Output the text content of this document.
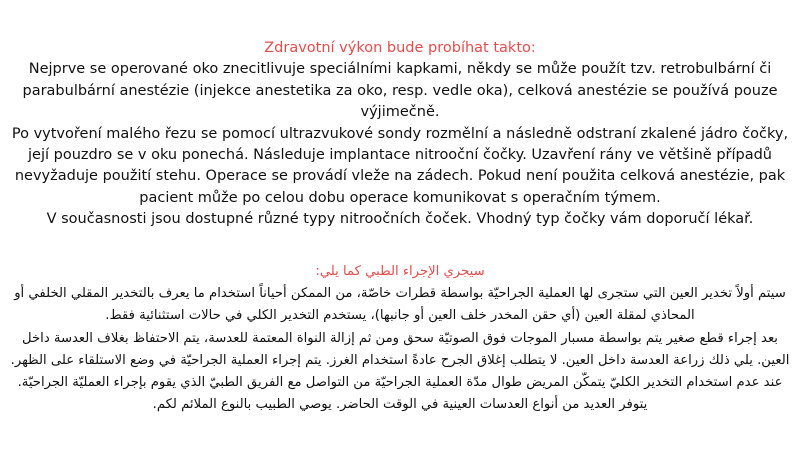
Zdravotní výkon bude probíhat takto:
Nejprve se operované oko znecitlivuje speciálními kapkami, někdy se může použít tzv. retrobulbární či parabulbární anestézie (injekce anestetika za oko, resp. vedle oka), celková anestézie se používá pouze výjimečně.
Po vytvoření malého řezu se pomocí ultrazvukové sondy rozmělní a následně odstraní zkalené jádro čočky, její pouzdro se v oku ponechá. Následuje implantace nitrooční čočky. Uzavření rány ve většině případů nevyžaduje použití stehu. Operace se provádí vleže na zádech. Pokud není použita celková anestézie, pak pacient může po celou dobu operace komunikovat s operačním týmem.
V současnosti jsou dostupné různé typy nitroočních čoček. Vhodný typ čočky vám doporučí lékař.
سيجري الإجراء الطبي كما يلي:
سيتم أولاً تخدير العين التي ستجرى لها العملية الجراحيّة بواسطة قطرات خاصّة، من الممكن أحياناً استخدام ما يعرف بالتخدير المقلي الخلفي أو المحاذي لمقلة العين (أي حقن المخدر خلف العين أو جانبها)، يستخدم التخدير الكلي في حالات استثنائية فقط.
بعد إجراء قطع صغير يتم بواسطة مسبار الموجات فوق الصوتيّة سحق ومن ثم إزالة النواة المعتمة للعدسة، يتم الاحتفاظ بغلاف العدسة داخل العين. يلي ذلك زراعة العدسة داخل العين. لا يتطلب إغلاق الجرح عادةً استخدام الغرز. يتم إجراء العملية الجراحيّة في وضع الاستلقاء على الظهر. عند عدم استخدام التخدير الكليّ يتمكّن المريض طوال مدّة العملية الجراحيّة من التواصل مع الفريق الطبيّ الذي يقوم بإجراء العمليّة الجراحيّة.
يتوفر العديد من أنواع العدسات العينية في الوقت الحاضر. يوصي الطبيب بالنوع الملائم لكم.
